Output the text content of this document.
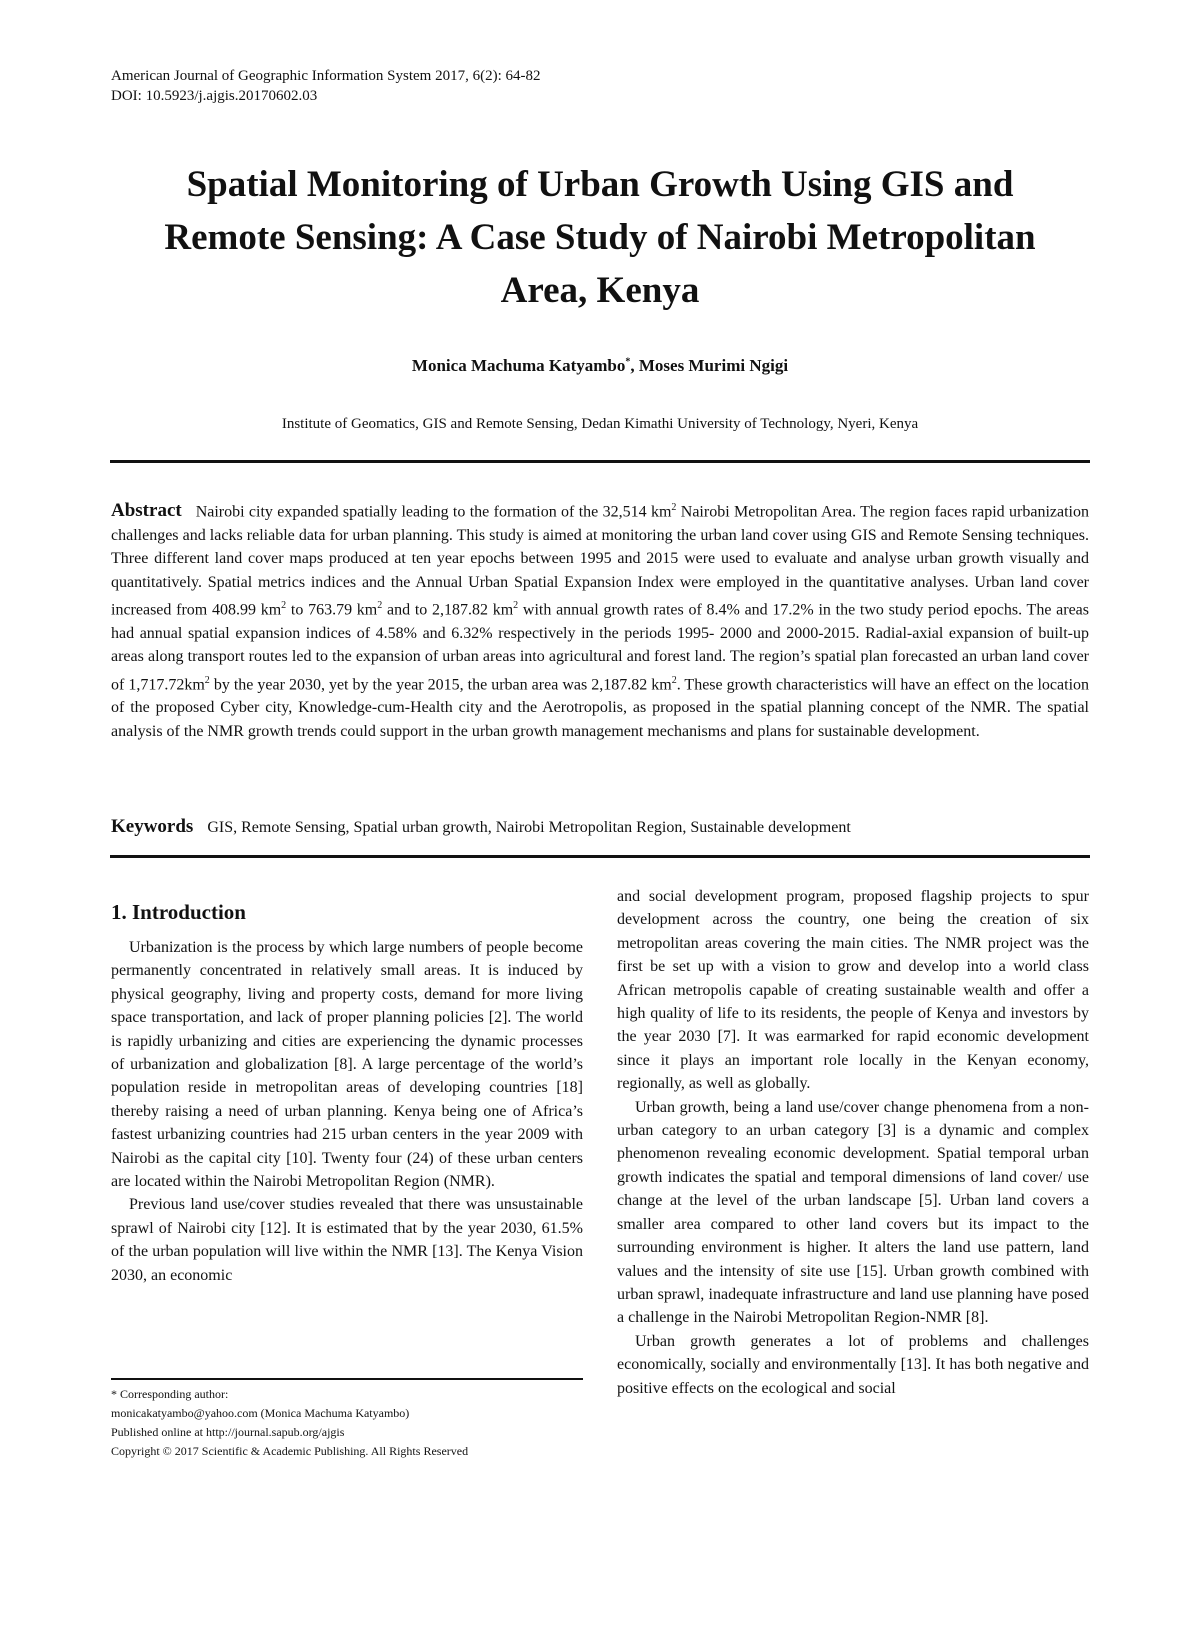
American Journal of Geographic Information System 2017, 6(2): 64-82
DOI: 10.5923/j.ajgis.20170602.03
Spatial Monitoring of Urban Growth Using GIS and
Remote Sensing: A Case Study of Nairobi Metropolitan
Area, Kenya
Monica Machuma Katyambo*, Moses Murimi Ngigi
Institute of Geomatics, GIS and Remote Sensing, Dedan Kimathi University of Technology, Nyeri, Kenya
Abstract Nairobi city expanded spatially leading to the formation of the 32,514 $km^2$ Nairobi Metropolitan Area. The region faces rapid urbanization challenges and lacks reliable data for urban planning. This study is aimed at monitoring the urban land cover using GIS and Remote Sensing techniques. Three different land cover maps produced at ten year epochs between 1995 and 2015 were used to evaluate and analyse urban growth visually and quantitatively. Spatial metrics indices and the Annual Urban Spatial Expansion Index were employed in the quantitative analyses. Urban land cover increased from 408.99 $km^2$ to 763.79 $km^2$ and to 2,187.82 $km^2$ with annual growth rates of 8.4% and 17.2% in the two study period epochs. The areas had annual spatial expansion indices of 4.58% and 6.32% respectively in the periods 1995- 2000 and 2000-2015. Radial-axial expansion of built-up areas along transport routes led to the expansion of urban areas into agricultural and forest land. The region’s spatial plan forecasted an urban land cover of $1,717.72km^2$ by the year 2030, yet by the year 2015, the urban area was 2,187.82 $km^2$. These growth characteristics will have an effect on the location of the proposed Cyber city, Knowledge-cum-Health city and the Aerotropolis, as proposed in the spatial planning concept of the NMR. The spatial analysis of the NMR growth trends could support in the urban growth management mechanisms and plans for sustainable development.
Keywords GIS, Remote Sensing, Spatial urban growth, Nairobi Metropolitan Region, Sustainable development
1. Introduction

Urbanization is the process by which large numbers of people become permanently concentrated in relatively small areas. It is induced by physical geography, living and property costs, demand for more living space transportation, and lack of proper planning policies [2]. The world is rapidly urbanizing and cities are experiencing the dynamic processes of urbanization and globalization [8]. A large percentage of the world’s population reside in metropolitan areas of developing countries [18] thereby raising a need of urban planning. Kenya being one of Africa’s fastest urbanizing countries had 215 urban centers in the year 2009 with Nairobi as the capital city [10]. Twenty four (24) of these urban centers are located within the Nairobi Metropolitan Region (NMR).

Previous land use/cover studies revealed that there was unsustainable sprawl of Nairobi city [12]. It is estimated that by the year 2030, 61.5% of the urban population will live within the NMR [13]. The Kenya Vision 2030, an economic

and social development program, proposed flagship projects to spur development across the country, one being the creation of six metropolitan areas covering the main cities. The NMR project was the first be set up with a vision to grow and develop into a world class African metropolis capable of creating sustainable wealth and offer a high quality of life to its residents, the people of Kenya and investors by the year 2030 [7]. It was earmarked for rapid economic development since it plays an important role locally in the Kenyan economy, regionally, as well as globally.

Urban growth, being a land use/cover change phenomena from a non-urban category to an urban category [3] is a dynamic and complex phenomenon revealing economic development. Spatial temporal urban growth indicates the spatial and temporal dimensions of land cover/ use change at the level of the urban landscape [5]. Urban land covers a smaller area compared to other land covers but its impact to the surrounding environment is higher. It alters the land use pattern, land values and the intensity of site use [15]. Urban growth combined with urban sprawl, inadequate infrastructure and land use planning have posed a challenge in the Nairobi Metropolitan Region-NMR [8].

Urban growth generates a lot of problems and challenges economically, socially and environmentally [13]. It has both negative and positive effects on the ecological and social

* Corresponding author:
monicakatyambo@yahoo.com (Monica Machuma Katyambo)
Published online at http://journal.sapub.org/ajgis
Copyright © 2017 Scientific & Academic Publishing. All Rights Reserved
